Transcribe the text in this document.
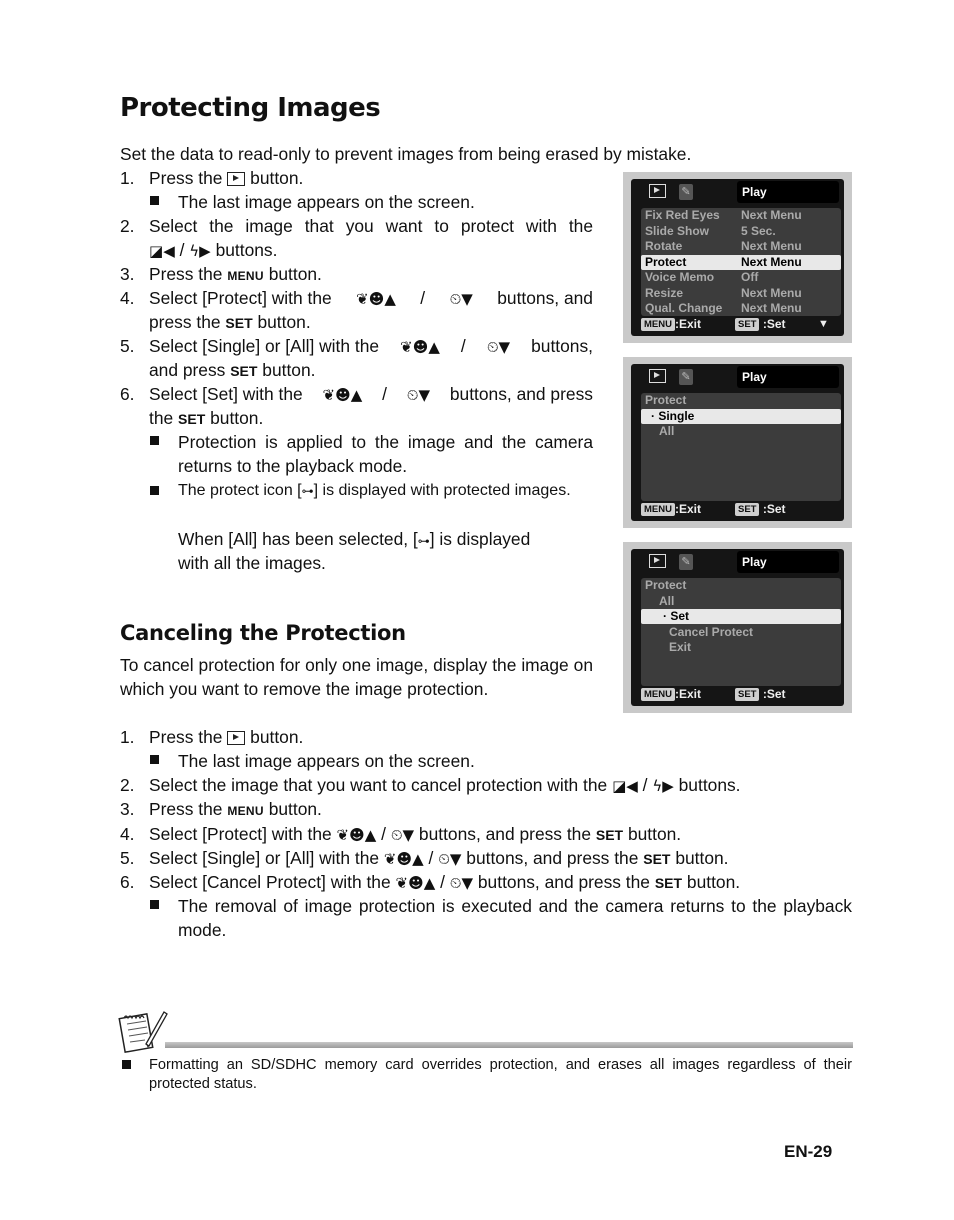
Protecting Images
Set the data to read-only to prevent images from being erased by mistake.
1. Press the button.
The last image appears on the screen.
2. Select the image that you want to protect with the
◪◀ / ϟ▶ buttons.
3. Press the MENU button.
4. Select [Protect] with the ❦☻▲ / ⏲▼ buttons, and
press the SET button.
5. Select [Single] or [All] with the ❦☻▲ / ⏲▼ buttons,
and press SET button.
6. Select [Set] with the ❦☻▲ / ⏲▼ buttons, and press
the SET button.
Protection is applied to the image and the camera returns to the playback mode.
The protect icon [⊶] is displayed with protected images.
When [All] has been selected, [⊶] is displayed
with all the images.
✎	Play
Fix Red Eyes Next Menu
Slide Show	5 Sec.
Rotate	Next Menu
Protect	Next Menu
Voice Memo Off
Resize	Next Menu
Qual. Change Next Menu
MENU :Exit	SET :Set	▼
✎	Play
Protect
· Single
All
MENU :Exit	SET :Set
✎	Play
Protect
All
· Set
Cancel Protect
Exit
MENU :Exit	SET :Set
Canceling the Protection
To cancel protection for only one image, display the image on which you want to remove the image protection.
1. Press the button.
The last image appears on the screen.
2. Select the image that you want to cancel protection with the ◪◀ / ϟ▶ buttons.
3. Press the MENU button.
4. Select [Protect] with the ❦☻▲ / ⏲▼ buttons, and press the SET button.
5. Select [Single] or [All] with the ❦☻▲ / ⏲▼ buttons, and press the SET button.
6. Select [Cancel Protect] with the ❦☻▲ / ⏲▼ buttons, and press the SET button.
The removal of image protection is executed and the camera returns to the playback mode.
Formatting an SD/SDHC memory card overrides protection, and erases all images regardless of their protected status.
EN-29
